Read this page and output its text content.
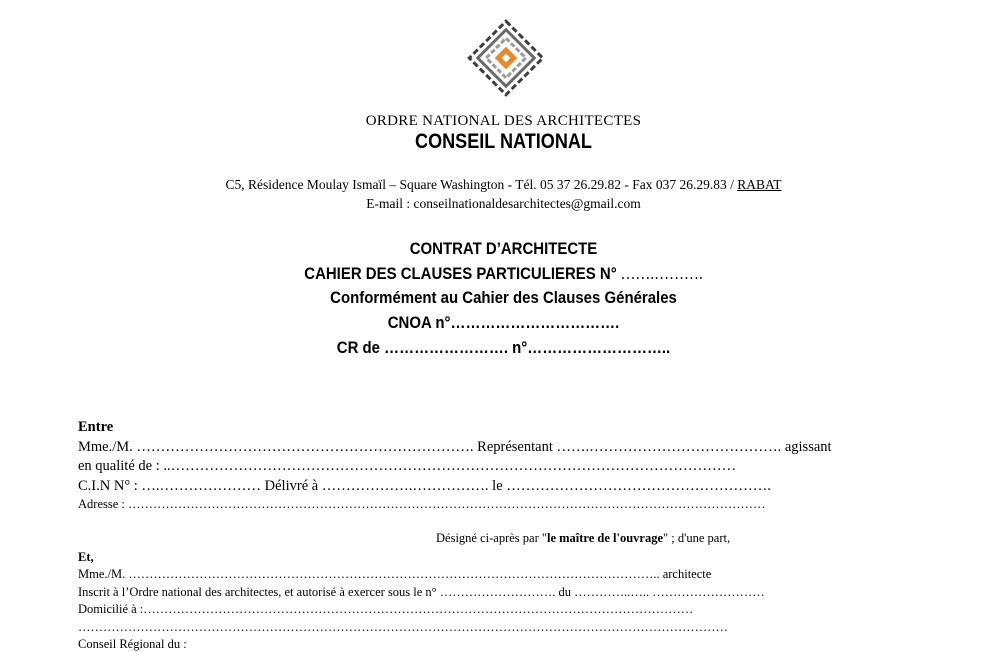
ORDRE NATIONAL DES ARCHITECTES
CONSEIL NATIONAL
C5, Résidence Moulay Ismaïl – Square Washington - Tél. 05 37 26.29.82 - Fax 037 26.29.83 / RABAT
E-mail : conseilnationaldesarchitectes@gmail.com
CONTRAT D’ARCHITECTE
CAHIER DES CLAUSES PARTICULIERES N° …….……….
Conformément au Cahier des Clauses Générales
CNOA n°…………………………….
CR de ……………………. n°………………………..
Entre
Mme./M. ……………………………………………………………. Représentant …….…………………………………. agissant
en qualité de : ..………………………………………………………………………………………………………
C.I.N N° : ….………………… Délivré à ……………….……………. le ……………………………………………….
Adresse : ………………………………………………………………………………………………………………………………………
Désigné ci-après par "le maître de l'ouvrage" ; d'une part,
Et,
Mme./M. ……………………………………………………………………………………………………………….. architecte
Inscrit à l’Ordre national des architectes, et autorisé à exercer sous le n° ………………………. du …………..….. ………………………
Domicilié à :……………………………………………………………………………………………………………………
…………………………………………………………………………………………………………………………………………
Conseil Régional du :
